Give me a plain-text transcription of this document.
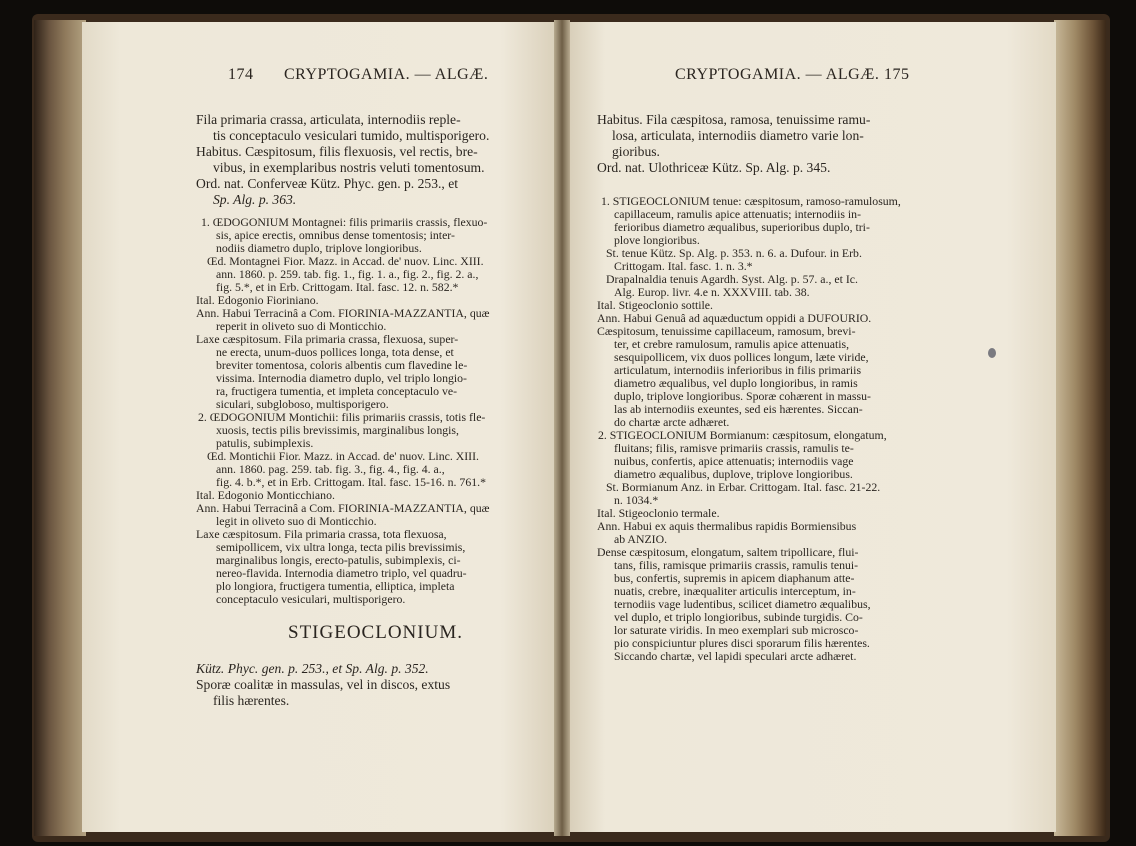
174 CRYPTOGAMIA. — ALGÆ.	CRYPTOGAMIA. — ALGÆ. 175
STIGEOCLONIUM.
Fila primaria crassa, articulata, internodiis reple-
tis conceptaculo vesiculari tumido, multisporigero.
Habitus. Cæspitosum, filis flexuosis, vel rectis, bre-
vibus, in exemplaribus nostris veluti tomentosum.
Ord. nat. Conferveæ Kütz. Phyc. gen. p. 253., et
Sp. Alg. p. 363.
1. ŒDOGONIUM Montagnei: filis primariis crassis, flexuo-
sis, apice erectis, omnibus dense tomentosis; inter-
nodiis diametro duplo, triplove longioribus.
Œd. Montagnei Fior. Mazz. in Accad. de' nuov. Linc. XIII.
ann. 1860. p. 259. tab. fig. 1., fig. 1. a., fig. 2., fig. 2. a.,
fig. 5.*, et in Erb. Crittogam. Ital. fasc. 12. n. 582.*
Ital. Edogonio Fioriniano.
Ann. Habui Terracinâ a Com. FIORINIA-MAZZANTIA, quæ
reperit in oliveto suo di Monticchio.
Laxe cæspitosum. Fila primaria crassa, flexuosa, super-
ne erecta, unum-duos pollices longa, tota dense, et
breviter tomentosa, coloris albentis cum flavedine le-
vissima. Internodia diametro duplo, vel triplo longio-
ra, fructigera tumentia, et impleta conceptaculo ve-
siculari, subgloboso, multisporigero.
2. ŒDOGONIUM Montichii: filis primariis crassis, totis fle-
xuosis, tectis pilis brevissimis, marginalibus longis,
patulis, subimplexis.
Œd. Montichii Fior. Mazz. in Accad. de' nuov. Linc. XIII.
ann. 1860. pag. 259. tab. fig. 3., fig. 4., fig. 4. a.,
fig. 4. b.*, et in Erb. Crittogam. Ital. fasc. 15-16. n. 761.*
Ital. Edogonio Monticchiano.
Ann. Habui Terracinâ a Com. FIORINIA-MAZZANTIA, quæ
legit in oliveto suo di Monticchio.
Laxe cæspitosum. Fila primaria crassa, tota flexuosa,
semipollicem, vix ultra longa, tecta pilis brevissimis,
marginalibus longis, erecto-patulis, subimplexis, ci-
nereo-flavida. Internodia diametro triplo, vel quadru-
plo longiora, fructigera tumentia, elliptica, impleta
conceptaculo vesiculari, multisporigero.
Kütz. Phyc. gen. p. 253., et Sp. Alg. p. 352.
Sporæ coalitæ in massulas, vel in discos, extus
filis hærentes.
Habitus. Fila cæspitosa, ramosa, tenuissime ramu-
losa, articulata, internodiis diametro varie lon-
gioribus.
Ord. nat. Ulothriceæ Kütz. Sp. Alg. p. 345.
1. STIGEOCLONIUM tenue: cæspitosum, ramoso-ramulosum,
capillaceum, ramulis apice attenuatis; internodiis in-
ferioribus diametro æqualibus, superioribus duplo, tri-
plove longioribus.
St. tenue Kütz. Sp. Alg. p. 353. n. 6. a. Dufour. in Erb.
Crittogam. Ital. fasc. 1. n. 3.*
Drapalnaldia tenuis Agardh. Syst. Alg. p. 57. a., et Ic.
Alg. Europ. livr. 4.e n. XXXVIII. tab. 38.
Ital. Stigeoclonio sottile.
Ann. Habui Genuâ ad aquæductum oppidi a DUFOURIO.
Cæspitosum, tenuissime capillaceum, ramosum, brevi-
ter, et crebre ramulosum, ramulis apice attenuatis,
sesquipollicem, vix duos pollices longum, læte viride,
articulatum, internodiis inferioribus in filis primariis
diametro æqualibus, vel duplo longioribus, in ramis
duplo, triplove longioribus. Sporæ cohærent in massu-
las ab internodiis exeuntes, sed eis hærentes. Siccan-
do chartæ arcte adhæret.
2. STIGEOCLONIUM Bormianum: cæspitosum, elongatum,
fluitans; filis, ramisve primariis crassis, ramulis te-
nuibus, confertis, apice attenuatis; internodiis vage
diametro æqualibus, duplove, triplove longioribus.
St. Bormianum Anz. in Erbar. Crittogam. Ital. fasc. 21-22.
n. 1034.*
Ital. Stigeoclonio termale.
Ann. Habui ex aquis thermalibus rapidis Bormiensibus
ab ANZIO.
Dense cæspitosum, elongatum, saltem tripollicare, flui-
tans, filis, ramisque primariis crassis, ramulis tenui-
bus, confertis, supremis in apicem diaphanum atte-
nuatis, crebre, inæqualiter articulis interceptum, in-
ternodiis vage ludentibus, scilicet diametro æqualibus,
vel duplo, et triplo longioribus, subinde turgidis. Co-
lor saturate viridis. In meo exemplari sub microsco-
pio conspiciuntur plures disci sporarum filis hærentes.
Siccando chartæ, vel lapidi speculari arcte adhæret.
